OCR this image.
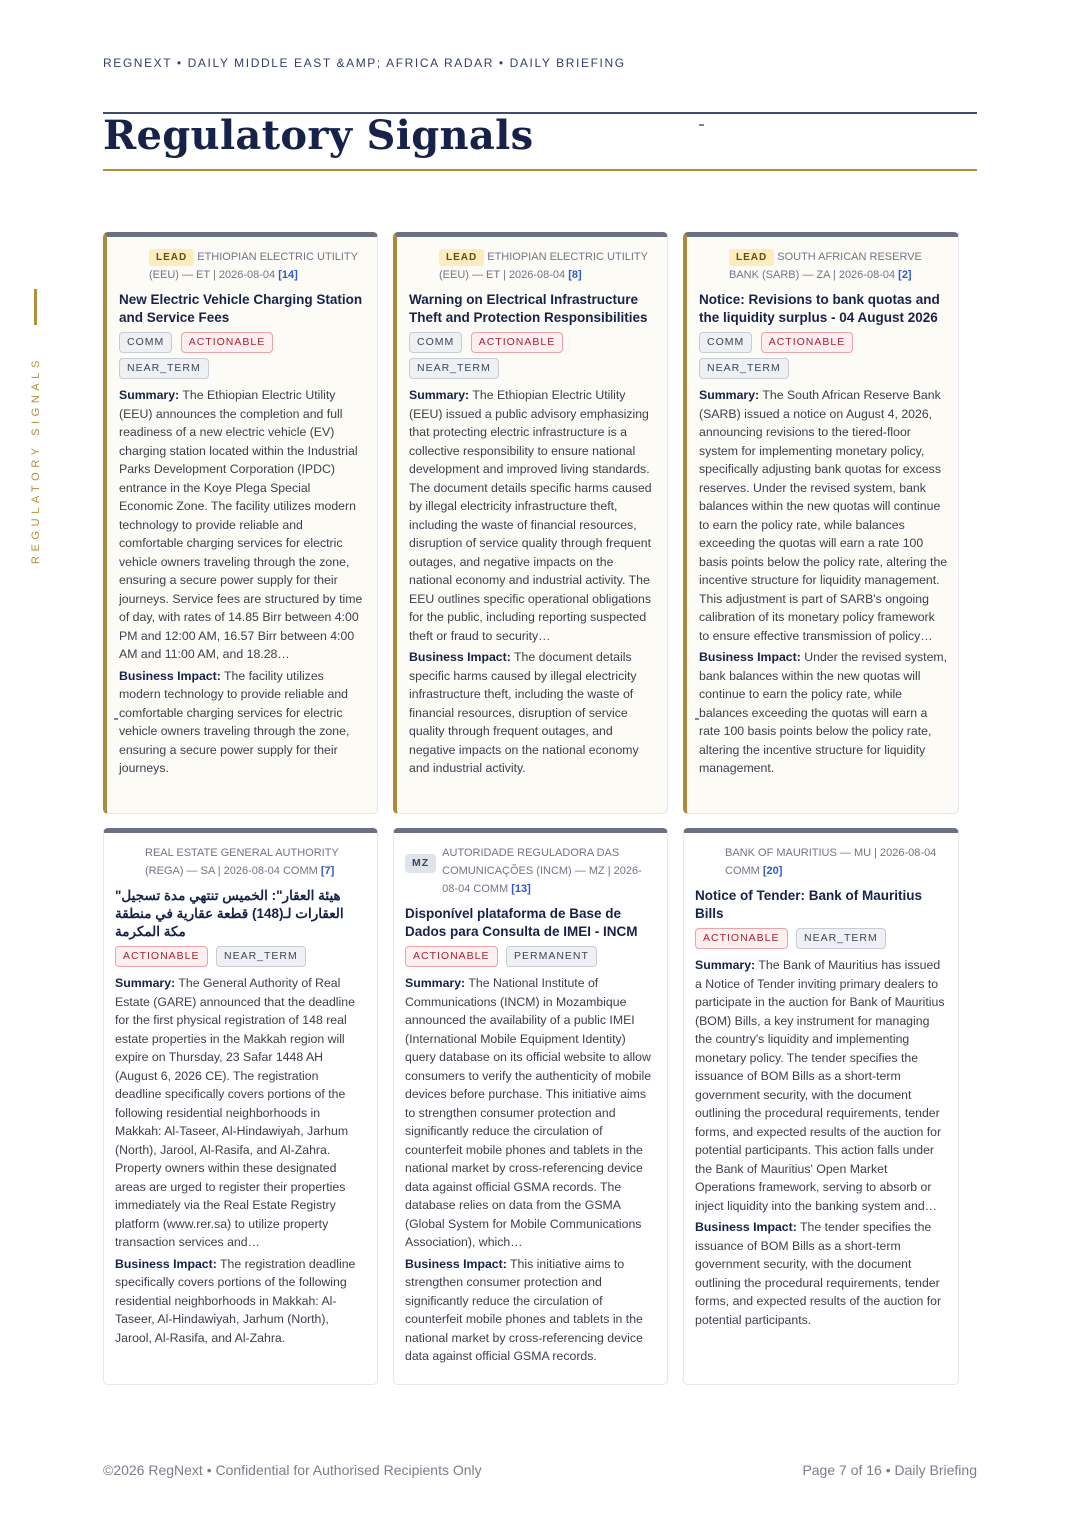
REGNEXT • DAILY MIDDLE EAST &AMP; AFRICA RADAR • DAILY BRIEFING
Regulatory Signals
REGULATORY SIGNALS
LEAD ETHIOPIAN ELECTRIC UTILITY (EEU) — ET | 2026-08-04 [14]
New Electric Vehicle Charging Station and Service Fees
COMM ACTIONABLE NEAR_TERM

Summary: The Ethiopian Electric Utility (EEU) announces the completion and full readiness of a new electric vehicle (EV) charging station located within the Industrial Parks Development Corporation (IPDC) entrance in the Koye Plega Special Economic Zone. The facility utilizes modern technology to provide reliable and comfortable charging services for electric vehicle owners traveling through the zone, ensuring a secure power supply for their journeys. Service fees are structured by time of day, with rates of 14.85 Birr between 4:00 PM and 12:00 AM, 16.57 Birr between 4:00 AM and 11:00 AM, and 18.28…

Business Impact: The facility utilizes modern technology to provide reliable and comfortable charging services for electric vehicle owners traveling through the zone, ensuring a secure power supply for their journeys.

LEAD ETHIOPIAN ELECTRIC UTILITY (EEU) — ET | 2026-08-04 [8]
Warning on Electrical Infrastructure Theft and Protection Responsibilities
COMM ACTIONABLE NEAR_TERM

Summary: The Ethiopian Electric Utility (EEU) issued a public advisory emphasizing that protecting electric infrastructure is a collective responsibility to ensure national development and improved living standards. The document details specific harms caused by illegal electricity infrastructure theft, including the waste of financial resources, disruption of service quality through frequent outages, and negative impacts on the national economy and industrial activity. The EEU outlines specific operational obligations for the public, including reporting suspected theft or fraud to security…

Business Impact: The document details specific harms caused by illegal electricity infrastructure theft, including the waste of financial resources, disruption of service quality through frequent outages, and negative impacts on the national economy and industrial activity.

LEAD SOUTH AFRICAN RESERVE BANK (SARB) — ZA | 2026-08-04 [2]
Notice: Revisions to bank quotas and the liquidity surplus - 04 August 2026
COMM ACTIONABLE NEAR_TERM

Summary: The South African Reserve Bank (SARB) issued a notice on August 4, 2026, announcing revisions to the tiered-floor system for implementing monetary policy, specifically adjusting bank quotas for excess reserves. Under the revised system, bank balances within the new quotas will continue to earn the policy rate, while balances exceeding the quotas will earn a rate 100 basis points below the policy rate, altering the incentive structure for liquidity management. This adjustment is part of SARB's ongoing calibration of its monetary policy framework to ensure effective transmission of policy…

Business Impact: Under the revised system, bank balances within the new quotas will continue to earn the policy rate, while balances exceeding the quotas will earn a rate 100 basis points below the policy rate, altering the incentive structure for liquidity management.

REAL ESTATE GENERAL AUTHORITY (REGA) — SA | 2026-08-04 COMM [7]
هيئة العقار": الخميس تنتهي مدة تسجيل" العقارات لـ(148) قطعة عقارية في منطقة مكة المكرمة
ACTIONABLE NEAR_TERM

Summary: The General Authority of Real Estate (GARE) announced that the deadline for the first physical registration of 148 real estate properties in the Makkah region will expire on Thursday, 23 Safar 1448 AH (August 6, 2026 CE). The registration deadline specifically covers portions of the following residential neighborhoods in Makkah: Al-Taseer, Al-Hindawiyah, Jarhum (North), Jarool, Al-Rasifa, and Al-Zahra. Property owners within these designated areas are urged to register their properties immediately via the Real Estate Registry platform (www.rer.sa) to utilize property transaction services and…

Business Impact: The registration deadline specifically covers portions of the following residential neighborhoods in Makkah: Al-Taseer, Al-Hindawiyah, Jarhum (North), Jarool, Al-Rasifa, and Al-Zahra.

MZ
AUTORIDADE REGULADORA DAS COMUNICAÇÕES (INCM) — MZ | 2026-08-04 COMM [13]
Disponível plataforma de Base de Dados para Consulta de IMEI - INCM
ACTIONABLE PERMANENT

Summary: The National Institute of Communications (INCM) in Mozambique announced the availability of a public IMEI (International Mobile Equipment Identity) query database on its official website to allow consumers to verify the authenticity of mobile devices before purchase. This initiative aims to strengthen consumer protection and significantly reduce the circulation of counterfeit mobile phones and tablets in the national market by cross-referencing device data against official GSMA records. The database relies on data from the GSMA (Global System for Mobile Communications Association), which…

Business Impact: This initiative aims to strengthen consumer protection and significantly reduce the circulation of counterfeit mobile phones and tablets in the national market by cross-referencing device data against official GSMA records.

BANK OF MAURITIUS — MU | 2026-08-04 COMM [20]
Notice of Tender: Bank of Mauritius Bills
ACTIONABLE NEAR_TERM

Summary: The Bank of Mauritius has issued a Notice of Tender inviting primary dealers to participate in the auction for Bank of Mauritius (BOM) Bills, a key instrument for managing the country's liquidity and implementing monetary policy. The tender specifies the issuance of BOM Bills as a short-term government security, with the document outlining the procedural requirements, tender forms, and expected results of the auction for potential participants. This action falls under the Bank of Mauritius' Open Market Operations framework, serving to absorb or inject liquidity into the banking system and…

Business Impact: The tender specifies the issuance of BOM Bills as a short-term government security, with the document outlining the procedural requirements, tender forms, and expected results of the auction for potential participants.

©2026 RegNext • Confidential for Authorised Recipients Only	Page 7 of 16 • Daily Briefing
